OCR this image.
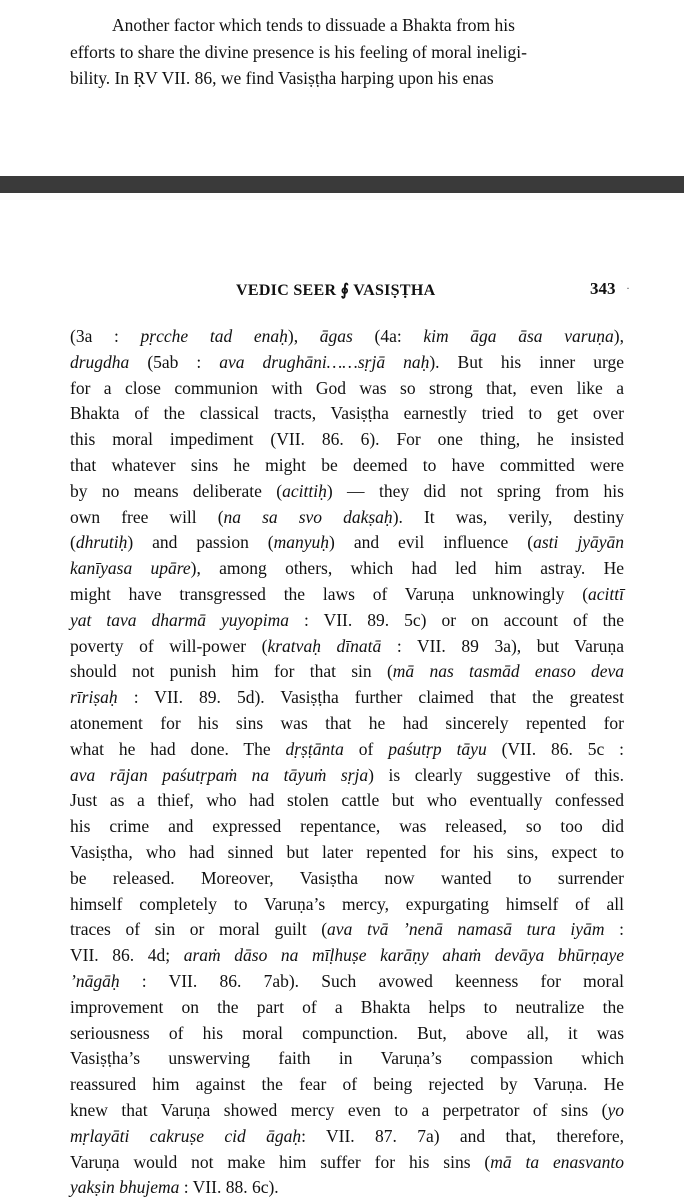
Another factor which tends to dissuade a Bhakta from his
efforts to share the divine presence is his feeling of moral ineligi-
bility. In ṚV VII. 86, we find Vasiṣṭha harping upon his enas
VEDIC SEER ∮ VASIṢṬHA	343 ·
(3a : pṛcche tad enaḥ), āgas (4a: kim āga āsa varuṇa),
drugdha (5ab : ava drughāni……sṛjā naḥ). But his inner urge
for a close communion with God was so strong that, even like a
Bhakta of the classical tracts, Vasiṣṭha earnestly tried to get over
this moral impediment (VII. 86. 6). For one thing, he insisted
that whatever sins he might be deemed to have committed were
by no means deliberate (acittiḥ) — they did not spring from his
own free will (na sa svo dakṣaḥ). It was, verily, destiny
(dhrutiḥ) and passion (manyuḥ) and evil influence (asti jyāyān
kanīyasa upāre), among others, which had led him astray. He
might have transgressed the laws of Varuṇa unknowingly (acittī
yat tava dharmā yuyopima : VII. 89. 5c) or on account of the
poverty of will-power (kratvaḥ dīnatā : VII. 89 3a), but Varuṇa
should not punish him for that sin (mā nas tasmād enaso deva
rīriṣaḥ : VII. 89. 5d). Vasiṣṭha further claimed that the greatest
atonement for his sins was that he had sincerely repented for
what he had done. The dṛṣṭānta of paśutṛp tāyu (VII. 86. 5c :
ava rājan paśutṛpaṁ na tāyuṁ sṛja) is clearly suggestive of this.
Just as a thief, who had stolen cattle but who eventually confessed
his crime and expressed repentance, was released, so too did
Vasiṣtha, who had sinned but later repented for his sins, expect to
be released. Moreover, Vasiṣtha now wanted to surrender
himself completely to Varuṇa’s mercy, expurgating himself of all
traces of sin or moral guilt (ava tvā ’nenā namasā tura iyām :
VII. 86. 4d; araṁ dāso na mīḷhuṣe karāṇy ahaṁ devāya bhūrṇaye
’nāgāḥ : VII. 86. 7ab). Such avowed keenness for moral
improvement on the part of a Bhakta helps to neutralize the
seriousness of his moral compunction. But, above all, it was
Vasiṣṭha’s unswerving faith in Varuṇa’s compassion which
reassured him against the fear of being rejected by Varuṇa. He
knew that Varuṇa showed mercy even to a perpetrator of sins (yo
mṛlayāti cakruṣe cid āgaḥ: VII. 87. 7a) and that, therefore,
Varuṇa would not make him suffer for his sins (mā ta enasvanto
yakṣin bhujema : VII. 88. 6c).
